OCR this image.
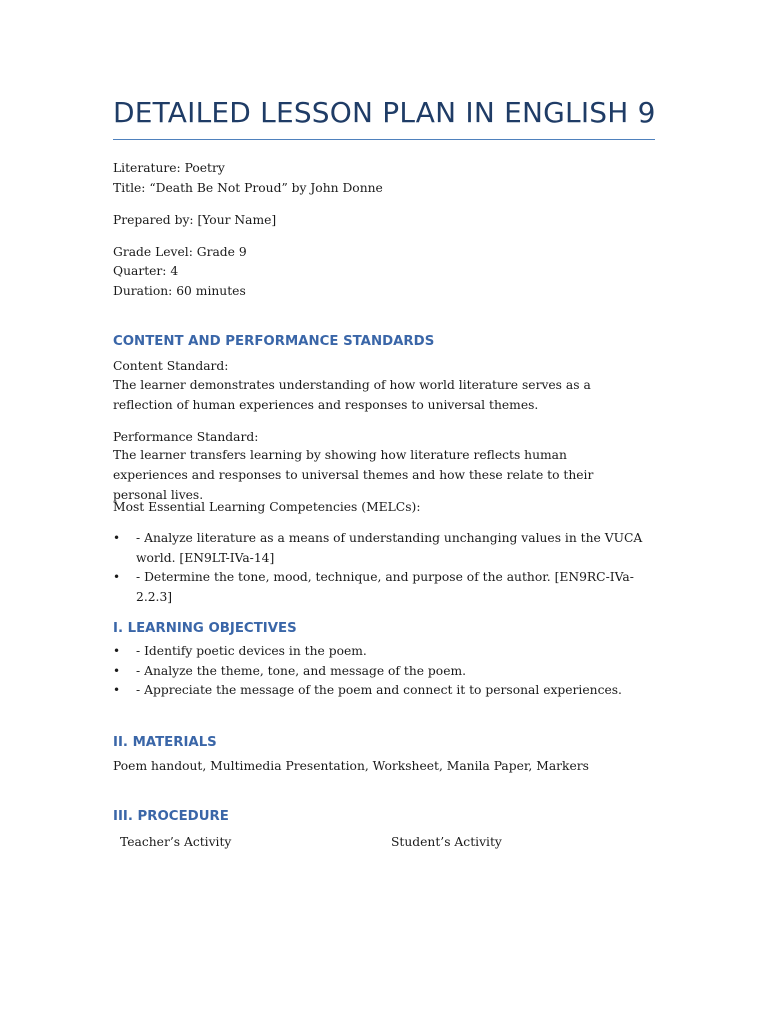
DETAILED LESSON PLAN IN ENGLISH 9

Literature: Poetry

Title: “Death Be Not Proud” by John Donne

Prepared by: [Your Name]

Grade Level: Grade 9

Quarter: 4

Duration: 60 minutes

CONTENT AND PERFORMANCE STANDARDS

Content Standard:

The learner demonstrates understanding of how world literature serves as a reflection of human experiences and responses to universal themes.

Performance Standard:

The learner transfers learning by showing how literature reflects human experiences and responses to universal themes and how these relate to their personal lives.

Most Essential Learning Competencies (MELCs):

• - Analyze literature as a means of understanding unchanging values in the VUCA world. [EN9LT-IVa-14]
• - Determine the tone, mood, technique, and purpose of the author. [EN9RC-IVa-2.2.3]
I. LEARNING OBJECTIVES
• - Identify poetic devices in the poem.
• - Analyze the theme, tone, and message of the poem.
• - Appreciate the message of the poem and connect it to personal experiences.
II. MATERIALS

Poem handout, Multimedia Presentation, Worksheet, Manila Paper, Markers

III. PROCEDURE
Teacher’s Activity	Student’s Activity
